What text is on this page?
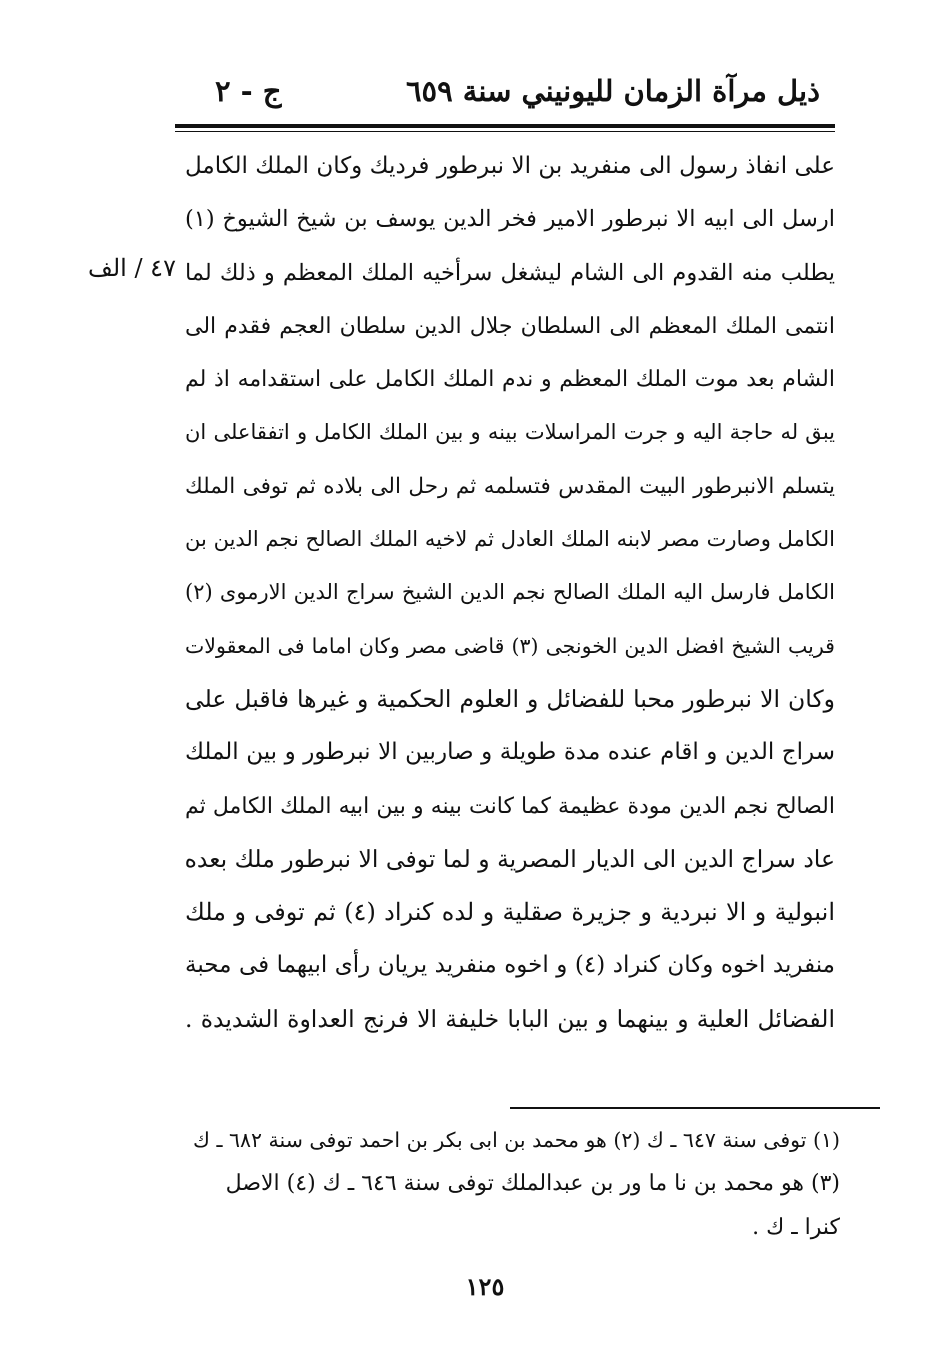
ذيل مرآة الزمان لليونيني سنة ٦٥٩
ج - ٢
٤٧ / الف
على انفاذ رسول الى منفريد بن الا نبرطور فرديك وكان الملك الكامل
ارسل الى ابيه الا نبرطور الامير فخر الدين يوسف بن شيخ الشيوخ (١)
يطلب منه القدوم الى الشام ليشغل سرأخيه الملك المعظم و ذلك لما
انتمى الملك المعظم الى السلطان جلال الدين سلطان العجم فقدم الى
الشام بعد موت الملك المعظم و ندم الملك الكامل على استقدامه اذ لم
يبق له حاجة اليه و جرت المراسلات بينه و بين الملك الكامل و اتفقاعلى ان
يتسلم الانبرطور البيت المقدس فتسلمه ثم رحل الى بلاده ثم توفى الملك
الكامل وصارت مصر لابنه الملك العادل ثم لاخيه الملك الصالح نجم الدين بن
الكامل فارسل اليه الملك الصالح نجم الدين الشيخ سراج الدين الارموى (٢)
قريب الشيخ افضل الدين الخونجى (٣) قاضى مصر وكان اماما فى المعقولات
وكان الا نبرطور محبا للفضائل و العلوم الحكمية و غيرها فاقبل على
سراج الدين و اقام عنده مدة طويلة و صاربين الا نبرطور و بين الملك
الصالح نجم الدين مودة عظيمة كما كانت بينه و بين ابيه الملك الكامل ثم
عاد سراج الدين الى الديار المصرية و لما توفى الا نبرطور ملك بعده
انبولية و الا نبردية و جزيرة صقلية و لده كنراد (٤) ثم توفى و ملك
منفريد اخوه وكان كنراد (٤) و اخوه منفريد يريان رأى ابيهما فى محبة
الفضائل العلية و بينهما و بين البابا خليفة الا فرنج العداوة الشديدة .
(١) توفى سنة ٦٤٧ ـ ك (٢) هو محمد بن ابى بكر بن احمد توفى سنة ٦٨٢ ـ ك
(٣) هو محمد بن نا ما ور بن عبدالملك توفى سنة ٦٤٦ ـ ك (٤) الاصل
كنرا ـ ك .
١٢٥
